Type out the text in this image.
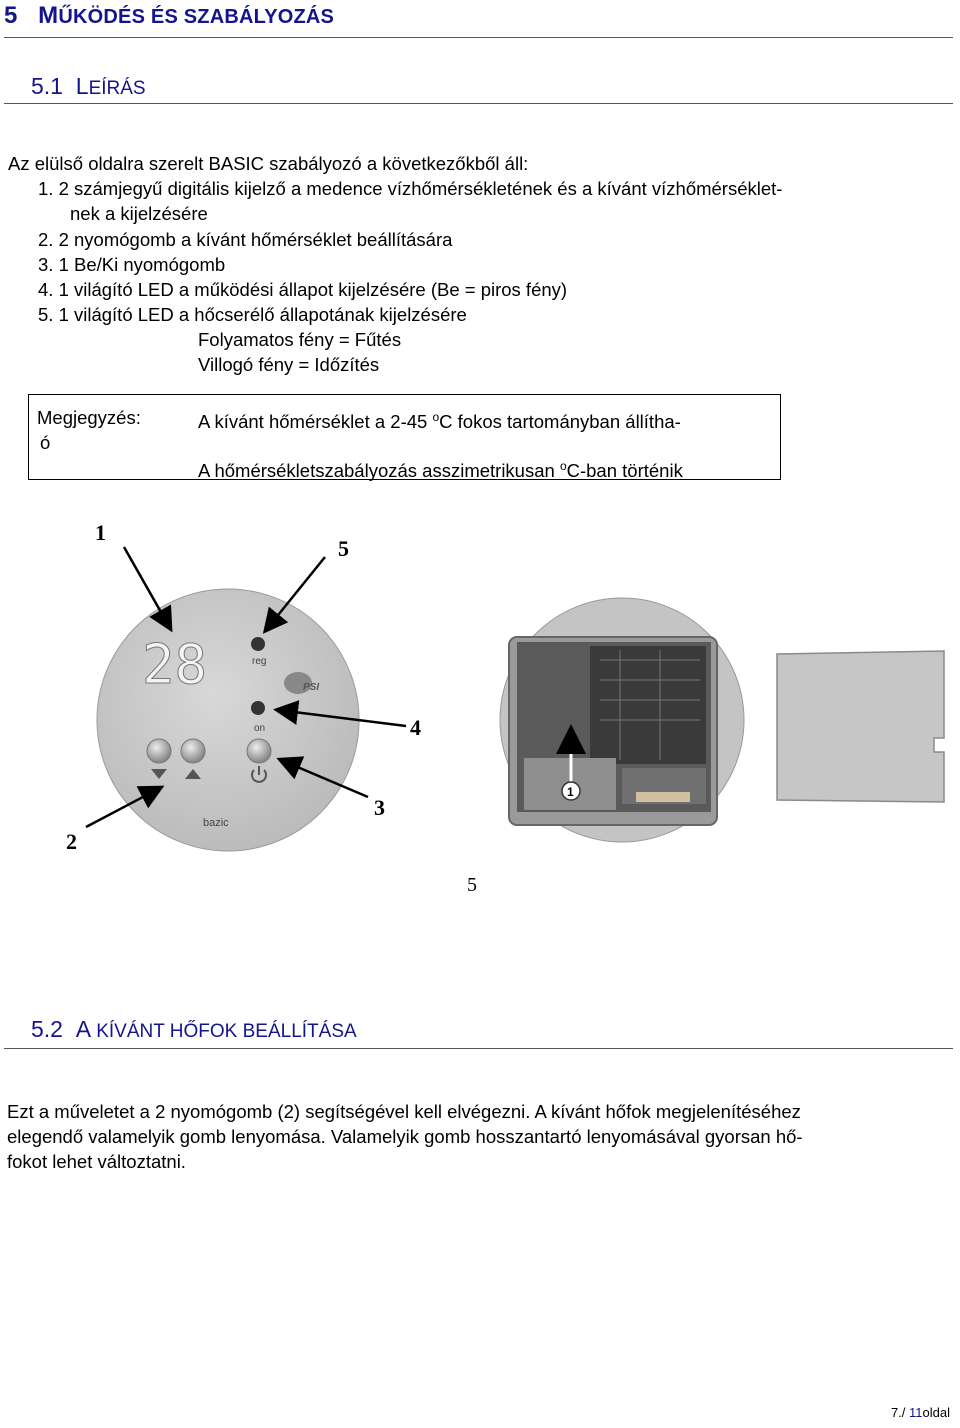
5 MŰKÖDÉS ÉS SZABÁLYOZÁS
5.1 LEÍRÁS
Az elülső oldalra szerelt BASIC szabályozó a következőkből áll:
1. 2 számjegyű digitális kijelző a medence vízhőmérsékletének és a kívánt vízhőmérséklet-
nek a kijelzésére
2. 2 nyomógomb a kívánt hőmérséklet beállítására
3. 1 Be/Ki nyomógomb
4. 1 világító LED a működési állapot kijelzésére (Be = piros fény)
5. 1 világító LED a hőcserélő állapotának kijelzésére
Folyamatos fény = Fűtés
Villogó fény = Időzítés
Megjegyzés:
ó
A kívánt hőmérséklet a 2-45 $^o$C fokos tartományban állítha-
A hőmérsékletszabályozás asszimetrikusan $^o$C-ban történik
28	reg
on
PSI
bazic
1
5
4
3
2
1
5
5.2 A KÍVÁNT HŐFOK BEÁLLÍTÁSA
Ezt a műveletet a 2 nyomógomb (2) segítségével kell elvégezni. A kívánt hőfok megjelenítéséhez
elegendő valamelyik gomb lenyomása. Valamelyik gomb hosszantartó lenyomásával gyorsan hő-
fokot lehet változtatni.
7./ 11oldal
